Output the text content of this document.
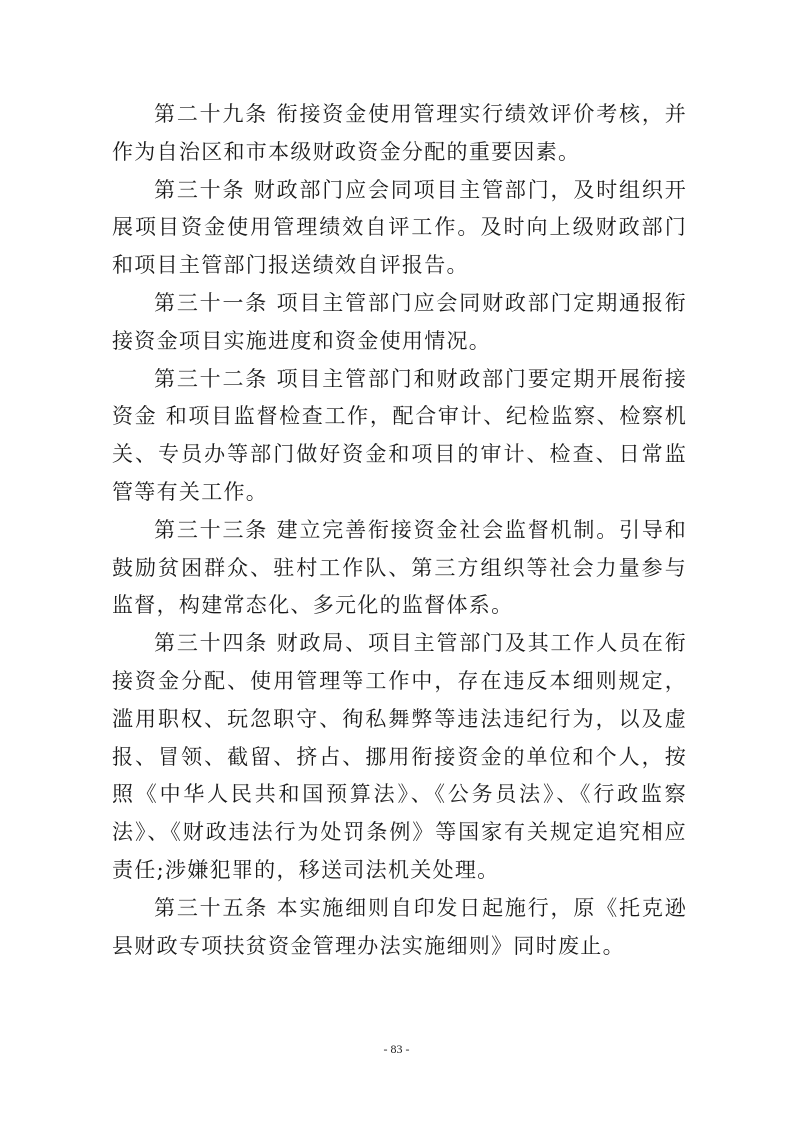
第二十九条 衔接资金使用管理实行绩效评价考核，并作为自治区和市本级财政资金分配的重要因素。

第三十条 财政部门应会同项目主管部门，及时组织开展项目资金使用管理绩效自评工作。及时向上级财政部门和项目主管部门报送绩效自评报告。

第三十一条 项目主管部门应会同财政部门定期通报衔接资金项目实施进度和资金使用情况。

第三十二条 项目主管部门和财政部门要定期开展衔接资金 和项目监督检查工作，配合审计、纪检监察、检察机关、专员办等部门做好资金和项目的审计、检查、日常监管等有关工作。

第三十三条 建立完善衔接资金社会监督机制。引导和鼓励贫困群众、驻村工作队、第三方组织等社会力量参与监督，构建常态化、多元化的监督体系。

第三十四条 财政局、项目主管部门及其工作人员在衔接资金分配、使用管理等工作中，存在违反本细则规定，滥用职权、玩忽职守、徇私舞弊等违法违纪行为，以及虚报、冒领、截留、挤占、挪用衔接资金的单位和个人，按照《中华人民共和国预算法》、《公务员法》、《行政监察法》、《财政违法行为处罚条例》等国家有关规定追究相应责任;涉嫌犯罪的，移送司法机关处理。

第三十五条 本实施细则自印发日起施行，原《托克逊县财政专项扶贫资金管理办法实施细则》同时废止。

- 83 -
